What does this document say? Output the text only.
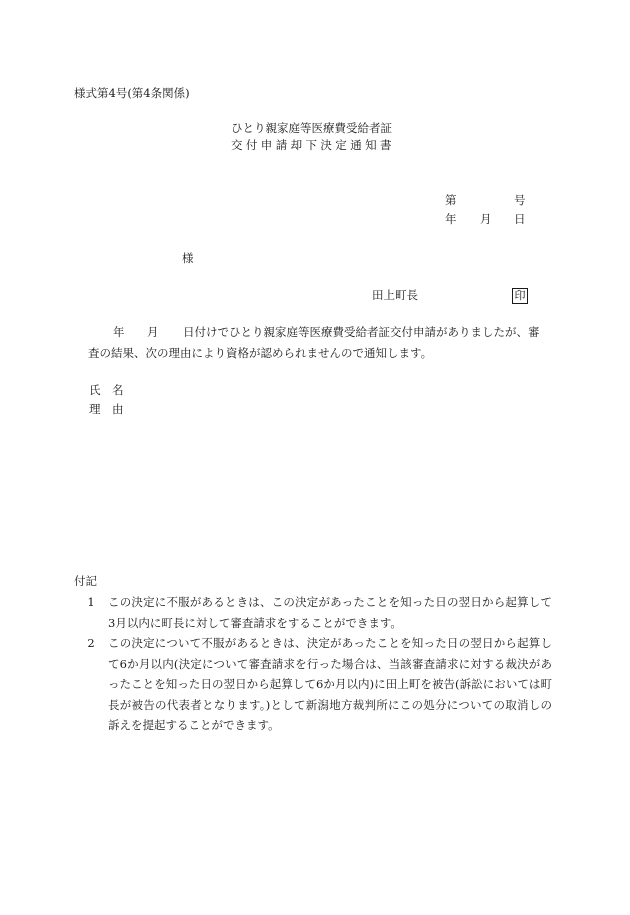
様式第4号(第4条関係)
ひとり親家庭等医療費受給者証
交付申請却下決定通知書
第	号
年 月 日
様
田上町長	印
年 月 日付けでひとり親家庭等医療費受給者証交付申請がありましたが、審
査の結果、次の理由により資格が認められませんので通知します。
氏　名
理　由
付記
1	この決定に不服があるときは、この決定があったことを知った日の翌日から起算して3月以内に町長に対して審査請求をすることができます。
2	この決定について不服があるときは、決定があったことを知った日の翌日から起算して6か月以内(決定について審査請求を行った場合は、当該審査請求に対する裁決があったことを知った日の翌日から起算して6か月以内)に田上町を被告(訴訟においては町長が被告の代表者となります。)として新潟地方裁判所にこの処分についての取消しの訴えを提起することができます。
